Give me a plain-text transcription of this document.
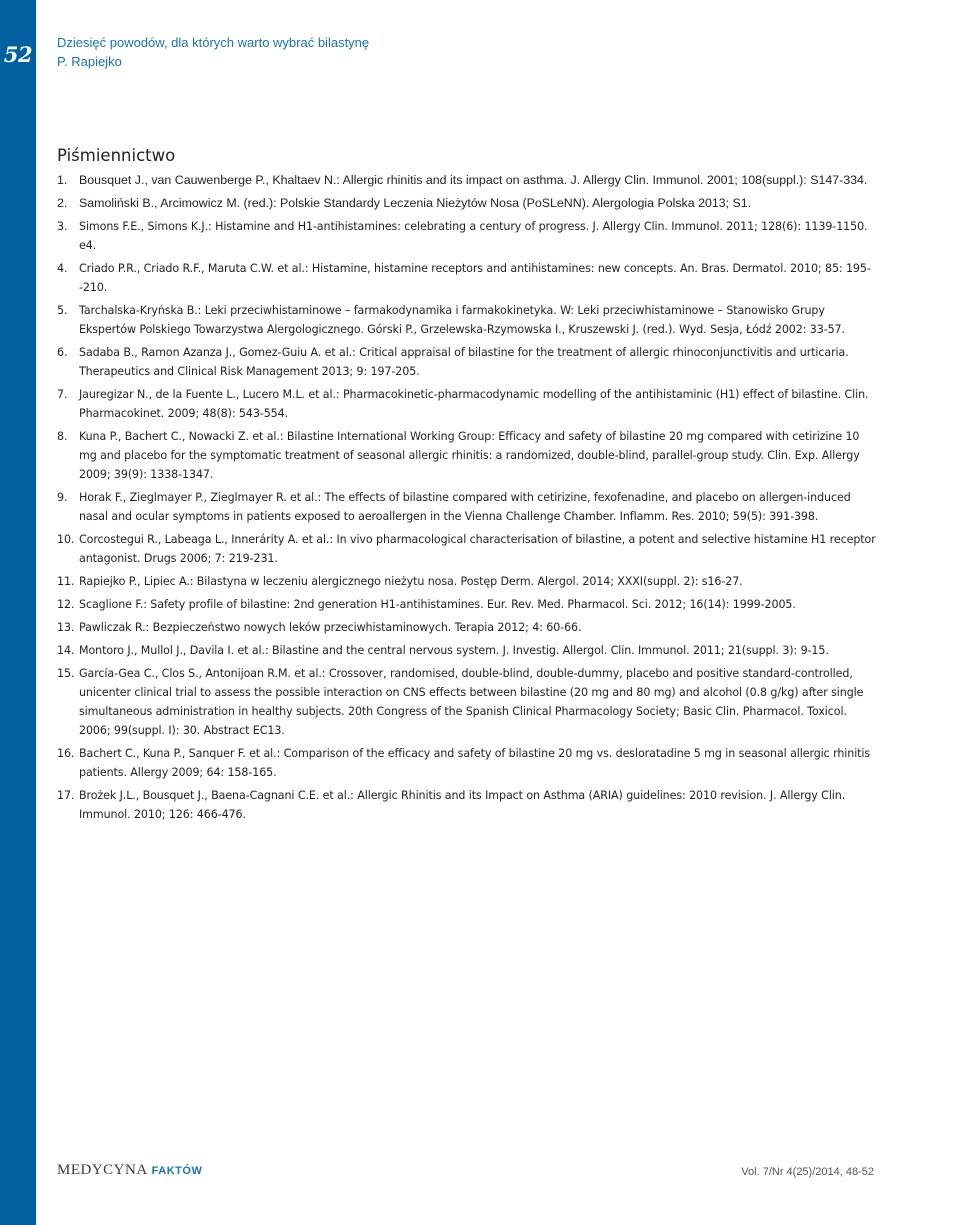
52 Dziesięć powodów, dla których warto wybrać bilastynę
P. Rapiejko
Piśmiennictwo
1. Bousquet J., van Cauwenberge P., Khaltaev N.: Allergic rhinitis and its impact on asthma. J. Allergy Clin. Immunol. 2001; 108(suppl.): S147-334.
2. Samoliński B., Arcimowicz M. (red.): Polskie Standardy Leczenia Nieżytów Nosa (PoSLeNN). Alergologia Polska 2013; S1.
3. Simons F.E., Simons K.J.: Histamine and H1-antihistamines: celebrating a century of progress. J. Allergy Clin. Immunol. 2011; 128(6): 1139-1150. e4.
4. Criado P.R., Criado R.F., Maruta C.W. et al.: Histamine, histamine receptors and antihistamines: new concepts. An. Bras. Dermatol. 2010; 85: 195--210.
5. Tarchalska-Kryńska B.: Leki przeciwhistaminowe – farmakodynamika i farmakokinetyka. W: Leki przeciwhistaminowe – Stanowisko Grupy Ekspertów Polskiego Towarzystwa Alergologicznego. Górski P., Grzelewska-Rzymowska I., Kruszewski J. (red.). Wyd. Sesja, Łódź 2002: 33-57.
6. Sadaba B., Ramon Azanza J., Gomez-Guiu A. et al.: Critical appraisal of bilastine for the treatment of allergic rhinoconjunctivitis and urticaria. Therapeutics and Clinical Risk Management 2013; 9: 197-205.
7. Jauregizar N., de la Fuente L., Lucero M.L. et al.: Pharmacokinetic-pharmacodynamic modelling of the antihistaminic (H1) effect of bilastine. Clin. Pharmacokinet. 2009; 48(8): 543-554.
8. Kuna P., Bachert C., Nowacki Z. et al.: Bilastine International Working Group: Efficacy and safety of bilastine 20 mg compared with cetirizine 10 mg and placebo for the symptomatic treatment of seasonal allergic rhinitis: a randomized, double-blind, parallel-group study. Clin. Exp. Allergy 2009; 39(9): 1338-1347.
9. Horak F., Zieglmayer P., Zieglmayer R. et al.: The effects of bilastine compared with cetirizine, fexofenadine, and placebo on allergen-induced nasal and ocular symptoms in patients exposed to aeroallergen in the Vienna Challenge Chamber. Inflamm. Res. 2010; 59(5): 391-398.
10. Corcostegui R., Labeaga L., Innerárity A. et al.: In vivo pharmacological characterisation of bilastine, a potent and selective histamine H1 receptor antagonist. Drugs 2006; 7: 219-231.
11. Rapiejko P., Lipiec A.: Bilastyna w leczeniu alergicznego nieżytu nosa. Postęp Derm. Alergol. 2014; XXXI(suppl. 2): s16-27.
12. Scaglione F.: Safety profile of bilastine: 2nd generation H1-antihistamines. Eur. Rev. Med. Pharmacol. Sci. 2012; 16(14): 1999-2005.
13. Pawliczak R.: Bezpieczeństwo nowych leków przeciwhistaminowych. Terapia 2012; 4: 60-66.
14. Montoro J., Mullol J., Davila I. et al.: Bilastine and the central nervous system. J. Investig. Allergol. Clin. Immunol. 2011; 21(suppl. 3): 9-15.
15. García-Gea C., Clos S., Antonijoan R.M. et al.: Crossover, randomised, double-blind, double-dummy, placebo and positive standard-controlled, unicenter clinical trial to assess the possible interaction on CNS effects between bilastine (20 mg and 80 mg) and alcohol (0.8 g/kg) after single simultaneous administration in healthy subjects. 20th Congress of the Spanish Clinical Pharmacology Society; Basic Clin. Pharmacol. Toxicol. 2006; 99(suppl. I): 30. Abstract EC13.
16. Bachert C., Kuna P., Sanquer F. et al.: Comparison of the efficacy and safety of bilastine 20 mg vs. desloratadine 5 mg in seasonal allergic rhinitis patients. Allergy 2009; 64: 158-165.
17. Brożek J.L., Bousquet J., Baena-Cagnani C.E. et al.: Allergic Rhinitis and its Impact on Asthma (ARIA) guidelines: 2010 revision. J. Allergy Clin. Immunol. 2010; 126: 466-476.
MEDYCYNA FAKTÓW	Vol. 7/Nr 4(25)/2014, 48-52
